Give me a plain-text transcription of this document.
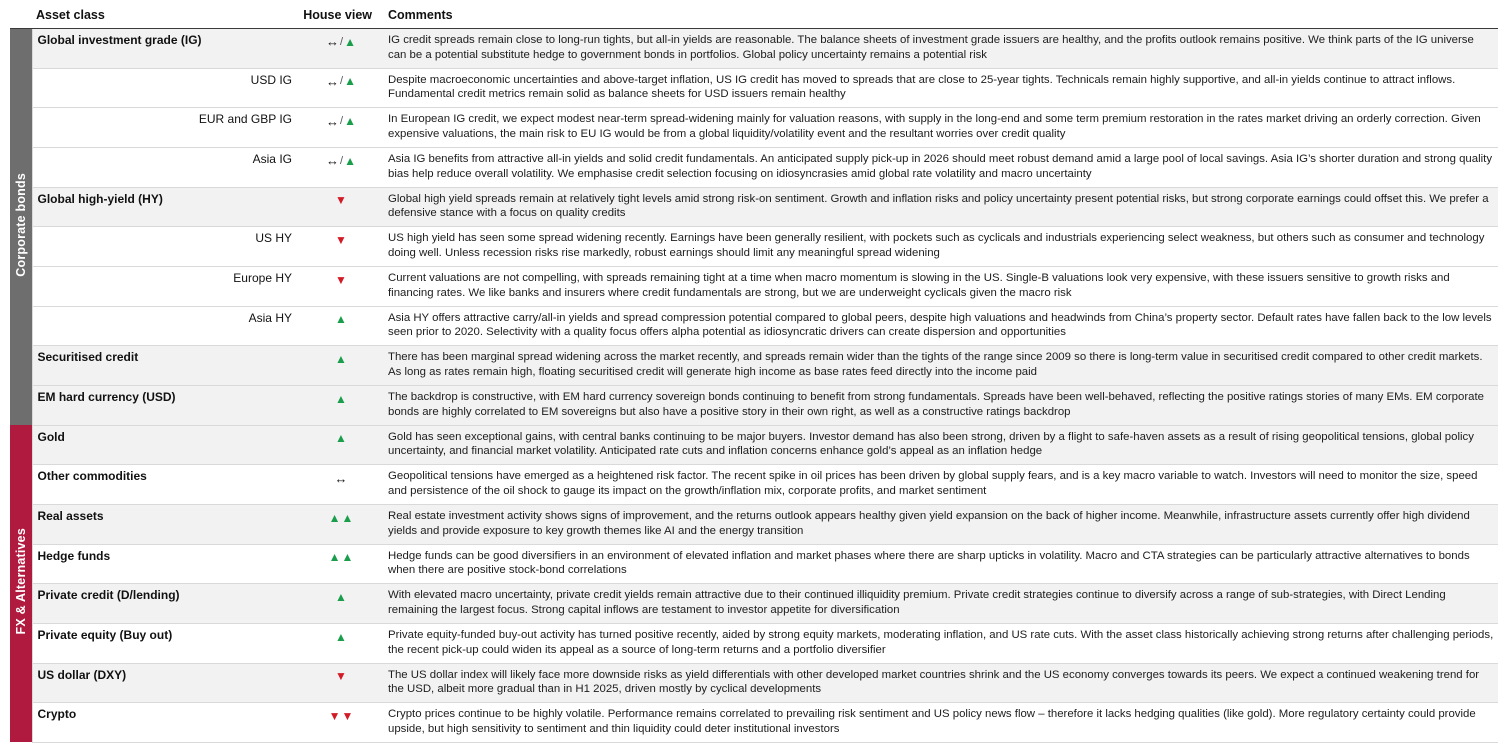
	Asset class	House view	Comments
Corporate bonds	Global investment grade (IG)	↔/▲	IG credit spreads remain close to long-run tights, but all-in yields are reasonable. The balance sheets of investment grade issuers are healthy, and the profits outlook remains positive. We think parts of the IG universe can be a potential substitute hedge to government bonds in portfolios. Global policy uncertainty remains a potential risk
	USD IG	↔/▲	Despite macroeconomic uncertainties and above-target inflation, US IG credit has moved to spreads that are close to 25-year tights. Technicals remain highly supportive, and all-in yields continue to attract inflows. Fundamental credit metrics remain solid as balance sheets for USD issuers remain healthy
	EUR and GBP IG	↔/▲	In European IG credit, we expect modest near-term spread-widening mainly for valuation reasons, with supply in the long-end and some term premium restoration in the rates market driving an orderly correction. Given expensive valuations, the main risk to EU IG would be from a global liquidity/volatility event and the resultant worries over credit quality
	Asia IG	↔/▲	Asia IG benefits from attractive all-in yields and solid credit fundamentals. An anticipated supply pick-up in 2026 should meet robust demand amid a large pool of local savings. Asia IG’s shorter duration and strong quality bias help reduce overall volatility. We emphasise credit selection focusing on idiosyncrasies amid global rate volatility and macro uncertainty
	Global high-yield (HY)	▼	Global high yield spreads remain at relatively tight levels amid strong risk-on sentiment. Growth and inflation risks and policy uncertainty present potential risks, but strong corporate earnings could offset this. We prefer a defensive stance with a focus on quality credits
	US HY	▼	US high yield has seen some spread widening recently. Earnings have been generally resilient, with pockets such as cyclicals and industrials experiencing select weakness, but others such as consumer and technology doing well. Unless recession risks rise markedly, robust earnings should limit any meaningful spread widening
	Europe HY	▼	Current valuations are not compelling, with spreads remaining tight at a time when macro momentum is slowing in the US. Single-B valuations look very expensive, with these issuers sensitive to growth risks and financing rates. We like banks and insurers where credit fundamentals are strong, but we are underweight cyclicals given the macro risk
	Asia HY	▲	Asia HY offers attractive carry/all-in yields and spread compression potential compared to global peers, despite high valuations and headwinds from China’s property sector. Default rates have fallen back to the low levels seen prior to 2020. Selectivity with a quality focus offers alpha potential as idiosyncratic drivers can create dispersion and opportunities
	Securitised credit	▲	There has been marginal spread widening across the market recently, and spreads remain wider than the tights of the range since 2009 so there is long-term value in securitised credit compared to other credit markets. As long as rates remain high, floating securitised credit will generate high income as base rates feed directly into the income paid
	EM hard currency (USD)	▲	The backdrop is constructive, with EM hard currency sovereign bonds continuing to benefit from strong fundamentals. Spreads have been well-behaved, reflecting the positive ratings stories of many EMs. EM corporate bonds are highly correlated to EM sovereigns but also have a positive story in their own right, as well as a constructive ratings backdrop
FX & Alternatives	Gold	▲	Gold has seen exceptional gains, with central banks continuing to be major buyers. Investor demand has also been strong, driven by a flight to safe-haven assets as a result of rising geopolitical tensions, global policy uncertainty, and financial market volatility. Anticipated rate cuts and inflation concerns enhance gold’s appeal as an inflation hedge
	Other commodities	↔	Geopolitical tensions have emerged as a heightened risk factor. The recent spike in oil prices has been driven by global supply fears, and is a key macro variable to watch. Investors will need to monitor the size, speed and persistence of the oil shock to gauge its impact on the growth/inflation mix, corporate profits, and market sentiment
	Real assets	▲▲	Real estate investment activity shows signs of improvement, and the returns outlook appears healthy given yield expansion on the back of higher income. Meanwhile, infrastructure assets currently offer high dividend yields and provide exposure to key growth themes like AI and the energy transition
	Hedge funds	▲▲	Hedge funds can be good diversifiers in an environment of elevated inflation and market phases where there are sharp upticks in volatility. Macro and CTA strategies can be particularly attractive alternatives to bonds when there are positive stock-bond correlations
	Private credit (D/lending)	▲	With elevated macro uncertainty, private credit yields remain attractive due to their continued illiquidity premium. Private credit strategies continue to diversify across a range of sub-strategies, with Direct Lending remaining the largest focus. Strong capital inflows are testament to investor appetite for diversification
	Private equity (Buy out)	▲	Private equity-funded buy-out activity has turned positive recently, aided by strong equity markets, moderating inflation, and US rate cuts. With the asset class historically achieving strong returns after challenging periods, the recent pick-up could widen its appeal as a source of long-term returns and a portfolio diversifier
	US dollar (DXY)	▼	The US dollar index will likely face more downside risks as yield differentials with other developed market countries shrink and the US economy converges towards its peers. We expect a continued weakening trend for the USD, albeit more gradual than in H1 2025, driven mostly by cyclical developments
	Crypto	▼▼	Crypto prices continue to be highly volatile. Performance remains correlated to prevailing risk sentiment and US policy news flow – therefore it lacks hedging qualities (like gold). More regulatory certainty could provide upside, but high sensitivity to sentiment and thin liquidity could deter institutional investors
